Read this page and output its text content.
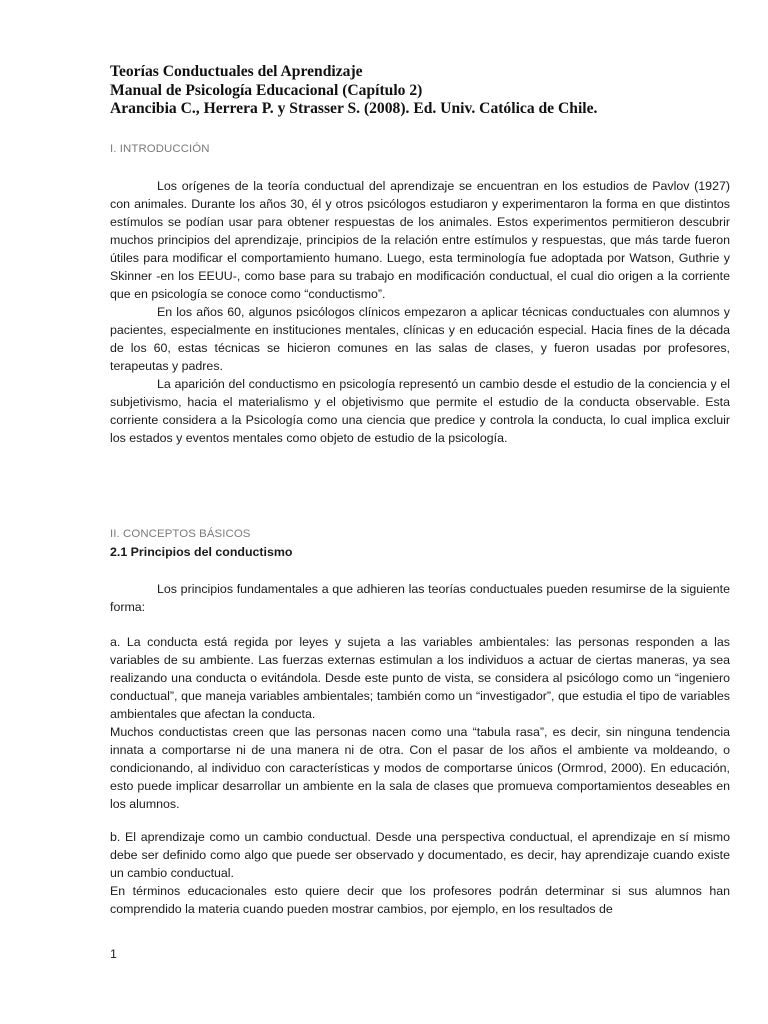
Teorías Conductuales del Aprendizaje
Manual de Psicología Educacional (Capítulo 2)
Arancibia C., Herrera P. y Strasser S. (2008). Ed. Univ. Católica de Chile.
I. INTRODUCCIÓN

Los orígenes de la teoría conductual del aprendizaje se encuentran en los estudios de Pavlov (1927) con animales. Durante los años 30, él y otros psicólogos estudiaron y experimentaron la forma en que distintos estímulos se podían usar para obtener respuestas de los animales. Estos experimentos permitieron descubrir muchos principios del aprendizaje, principios de la relación entre estímulos y respuestas, que más tarde fueron útiles para modificar el comportamiento humano. Luego, esta terminología fue adoptada por Watson, Guthrie y Skinner -en los EEUU-, como base para su trabajo en modificación conductual, el cual dio origen a la corriente que en psicología se conoce como “conductismo”.

En los años 60, algunos psicólogos clínicos empezaron a aplicar técnicas conductuales con alumnos y pacientes, especialmente en instituciones mentales, clínicas y en educación especial. Hacia fines de la década de los 60, estas técnicas se hicieron comunes en las salas de clases, y fueron usadas por profesores, terapeutas y padres.

La aparición del conductismo en psicología representó un cambio desde el estudio de la conciencia y el subjetivismo, hacia el materialismo y el objetivismo que permite el estudio de la conducta observable. Esta corriente considera a la Psicología como una ciencia que predice y controla la conducta, lo cual implica excluir los estados y eventos mentales como objeto de estudio de la psicología.

II. CONCEPTOS BÁSICOS
2.1 Principios del conductismo

Los principios fundamentales a que adhieren las teorías conductuales pueden resumirse de la siguiente forma:

a. La conducta está regida por leyes y sujeta a las variables ambientales: las personas responden a las variables de su ambiente. Las fuerzas externas estimulan a los individuos a actuar de ciertas maneras, ya sea realizando una conducta o evitándola. Desde este punto de vista, se considera al psicólogo como un “ingeniero conductual”, que maneja variables ambientales; también como un “investigador”, que estudia el tipo de variables ambientales que afectan la conducta.

Muchos conductistas creen que las personas nacen como una “tabula rasa”, es decir, sin ninguna tendencia innata a comportarse ni de una manera ni de otra. Con el pasar de los años el ambiente va moldeando, o condicionando, al individuo con características y modos de comportarse únicos (Ormrod, 2000). En educación, esto puede implicar desarrollar un ambiente en la sala de clases que promueva comportamientos deseables en los alumnos.

b. El aprendizaje como un cambio conductual. Desde una perspectiva conductual, el aprendizaje en sí mismo debe ser definido como algo que puede ser observado y documentado, es decir, hay aprendizaje cuando existe un cambio conductual.

En términos educacionales esto quiere decir que los profesores podrán determinar si sus alumnos han comprendido la materia cuando pueden mostrar cambios, por ejemplo, en los resultados de

1
